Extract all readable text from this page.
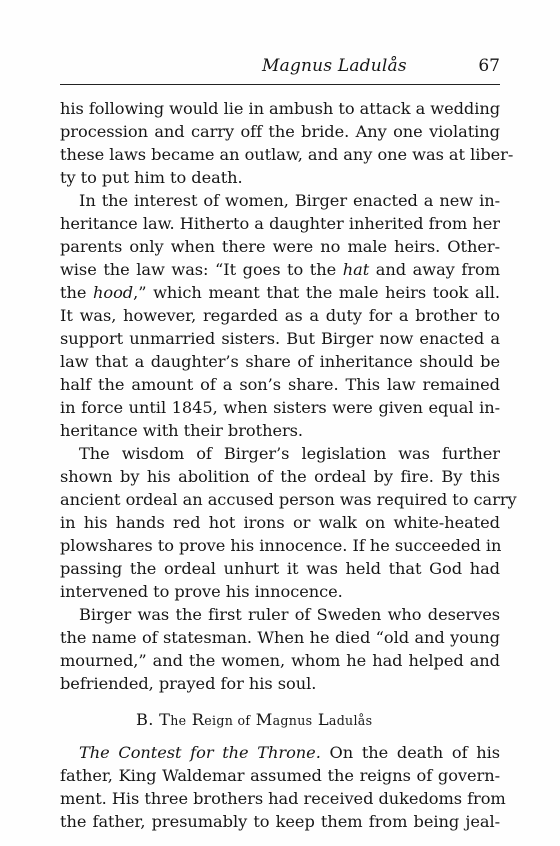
Magnus Ladulås	67
his following would lie in ambush to attack a wedding
procession and carry off the bride. Any one violating
these laws became an outlaw, and any one was at liber-
ty to put him to death.
In the interest of women, Birger enacted a new in-
heritance law. Hitherto a daughter inherited from her
parents only when there were no male heirs. Other-
wise the law was: “It goes to the hat and away from
the hood,” which meant that the male heirs took all.
It was, however, regarded as a duty for a brother to
support unmarried sisters. But Birger now enacted a
law that a daughter’s share of inheritance should be
half the amount of a son’s share. This law remained
in force until 1845, when sisters were given equal in-
heritance with their brothers.
The wisdom of Birger’s legislation was further
shown by his abolition of the ordeal by fire. By this
ancient ordeal an accused person was required to carry
in his hands red hot irons or walk on white-heated
plowshares to prove his innocence. If he succeeded in
passing the ordeal unhurt it was held that God had
intervened to prove his innocence.
Birger was the first ruler of Sweden who deserves
the name of statesman. When he died “old and young
mourned,” and the women, whom he had helped and
befriended, prayed for his soul.
B. The Reign of Magnus Ladulås
The Contest for the Throne. On the death of his
father, King Waldemar assumed the reigns of govern-
ment. His three brothers had received dukedoms from
the father, presumably to keep them from being jeal-
